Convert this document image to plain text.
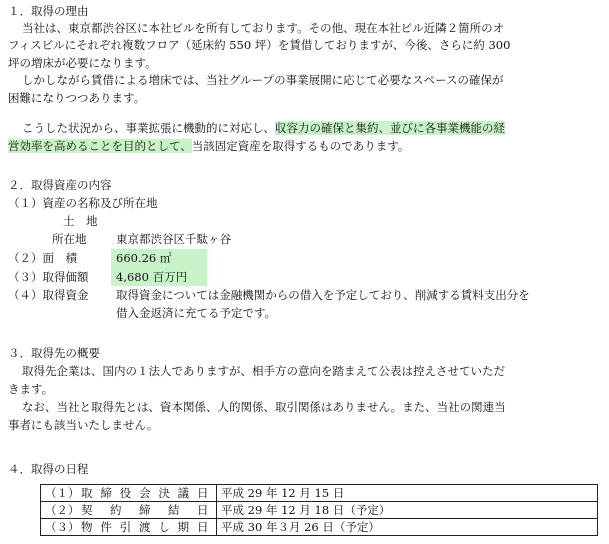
１．取得の理由
当社は、東京都渋谷区に本社ビルを所有しております。その他、現在本社ビル近隣２箇所のオ
フィスビルにそれぞれ複数フロア（延床約 550 坪）を賃借しておりますが、今後、さらに約 300
坪の増床が必要になります。
しかしながら賃借による増床では、当社グループの事業展開に応じて必要なスペースの確保が
困難になりつつあります。
こうした状況から、事業拡張に機動的に対応し、収容力の確保と集約、並びに各事業機能の経
営効率を高めることを目的として、当該固定資産を取得するものであります。
２．取得資産の内容
（１）資産の名称及び所在地
土　地
所在地	東京都渋谷区千駄ヶ谷
（２）面　積	660.26 ㎡
（３）取得価額 4,680 百万円
（４）取得資金 取得資金については金融機関からの借入を予定しており、削減する賃料支出分を
借入金返済に充てる予定です。
３．取得先の概要
取得先企業は、国内の１法人でありますが、相手方の意向を踏まえて公表は控えさせていただ
きます。
なお、当社と取得先とは、資本関係、人的関係、取引関係はありません。また、当社の関連当
事者にも該当いたしません。
４．取得の日程
（１） 取締役会決議日	平成 29 年 12 月 15 日
（２） 契約締結日	平成 29 年 12 月 18 日（予定）
（３） 物件引渡し期日	平成 30 年３月 26 日（予定）
